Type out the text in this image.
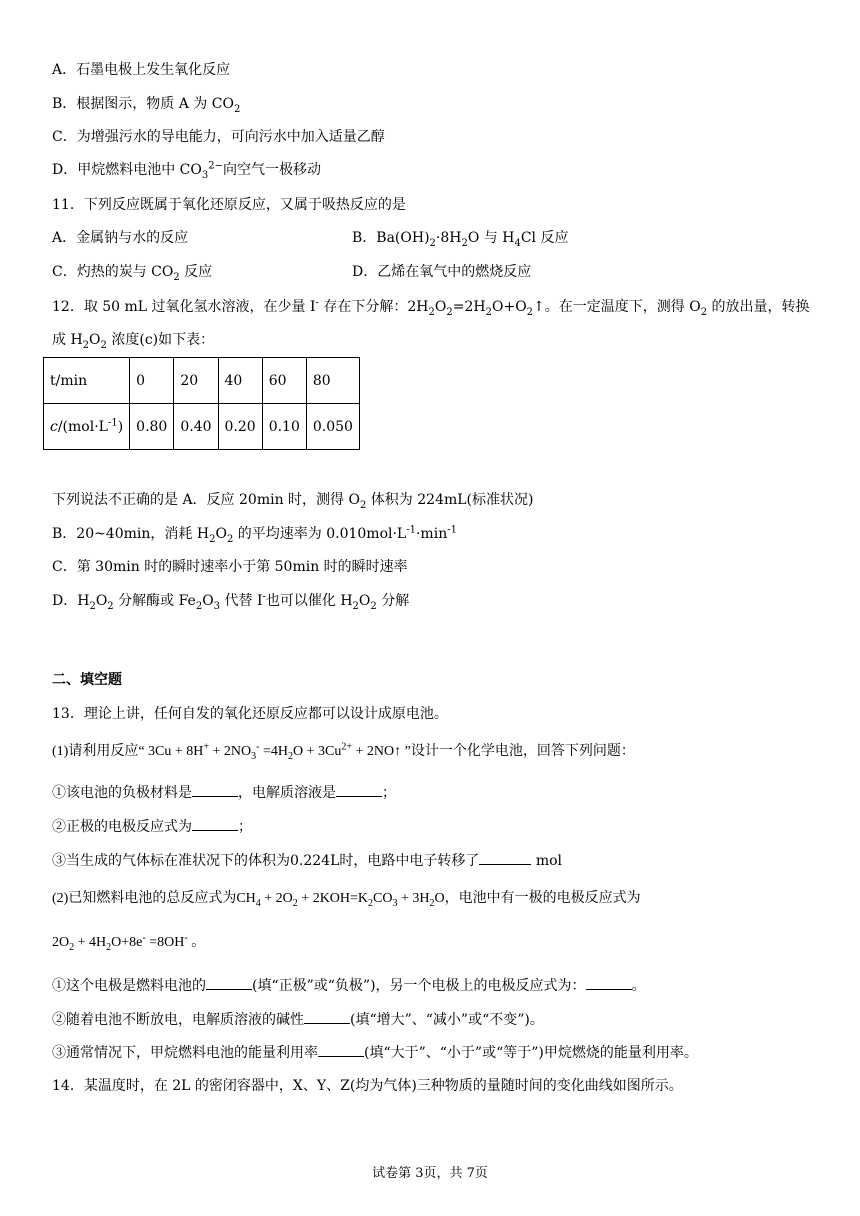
A．石墨电极上发生氧化反应
B．根据图示，物质 A 为 $CO_2$
C．为增强污水的导电能力，可向污水中加入适量乙醇
D．甲烷燃料电池中 $CO_3^{2-}$向空气一极移动
11．下列反应既属于氧化还原反应，又属于吸热反应的是
A．金属钠与水的反应	B．$Ba(OH)_2\cdot 8H_2O$ 与 $H_4Cl$ 反应
C．灼热的炭与 $CO_2$ 反应	D．乙烯在氧气中的燃烧反应
12．取 50 mL 过氧化氢水溶液，在少量 I- 存在下分解：$2H_2O_2=2H_2O+O_2↑$。在一定温度下，测得 $O_2$ 的放出量，转换
成 $H_2O_2$ 浓度(c)如下表：
t/min	0	20	40	60	80
$c/(mol\cdot L^{-1})$	0.80	0.40	0.20	0.10	0.050
下列说法不正确的是 A．反应 20min 时，测得 $O_2$ 体积为 224mL(标准状况)
B．20~40min，消耗 $H_2O_2$ 的平均速率为 $0.010mol\cdot L^{-1}\cdot\min^{-1}$
C．第 30min 时的瞬时速率小于第 50min 时的瞬时速率
D．$H_2O_2$ 分解酶或 $Fe_2O_3$ 代替 I-也可以催化 $H_2O_2$ 分解
二、填空题
13．理论上讲，任何自发的氧化还原反应都可以设计成原电池。
(1)请利用反应“ $3Cu + 8H^+ + 2NO_3^- =4H_2O + 3Cu^{2+}$ + 2NO↑ ”设计一个化学电池，回答下列问题：
①该电池的负极材料是	，电解质溶液是	；
②正极的电极反应式为	；
③当生成的气体标在准状况下的体积为0.224L时，电路中电子转移了	mol
(2)已知燃料电池的总反应式为$CH_4 + 2O_2 + 2KOH=K_2CO_3 + 3H_2O$，电池中有一极的电极反应式为
$2O_2 + 4H_2O+8e^- =8OH^-$ 。
①这个电极是燃料电池的	(填“正极”或“负极”)，另一个电极上的电极反应式为：	。
②随着电池不断放电，电解质溶液的碱性	(填“增大”、“减小”或“不变”)。
③通常情况下，甲烷燃料电池的能量利用率	(填“大于”、“小于”或“等于”)甲烷燃烧的能量利用率。
14．某温度时，在 2L 的密闭容器中，X、Y、Z(均为气体)三种物质的量随时间的变化曲线如图所示。
试卷第 3页，共 7页
